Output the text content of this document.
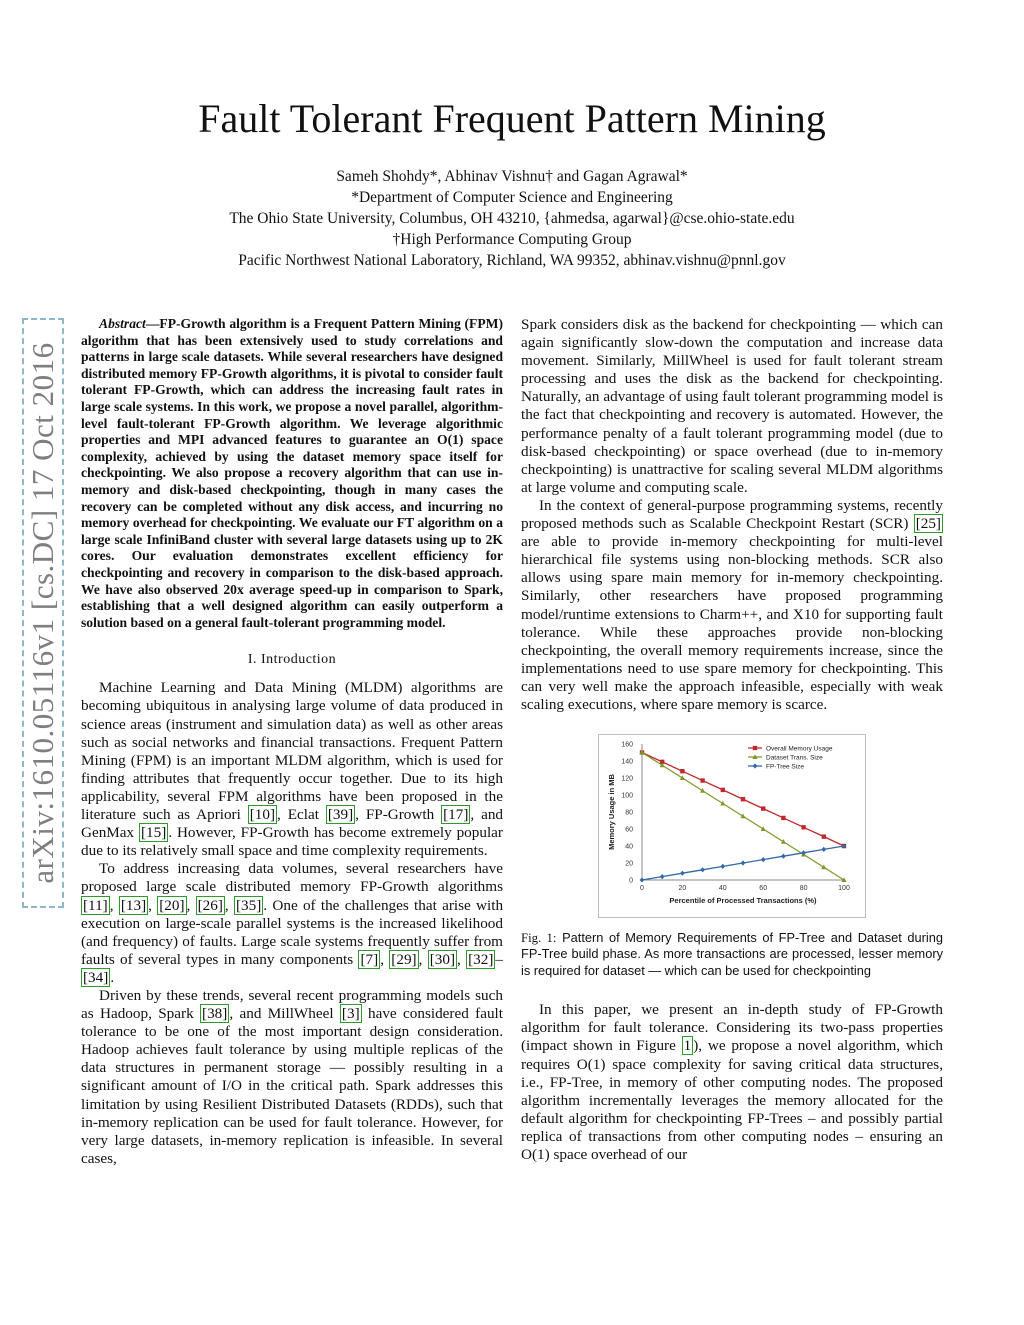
Fault Tolerant Frequent Pattern Mining
Sameh Shohdy*, Abhinav Vishnu† and Gagan Agrawal*
*Department of Computer Science and Engineering
The Ohio State University, Columbus, OH 43210, {ahmedsa, agarwal}@cse.ohio-state.edu
†High Performance Computing Group
Pacific Northwest National Laboratory, Richland, WA 99352, abhinav.vishnu@pnnl.gov
arXiv:1610.05116v1 [cs.DC] 17 Oct 2016
Abstract—FP-Growth algorithm is a Frequent Pattern Mining (FPM) algorithm that has been extensively used to study correlations and patterns in large scale datasets. While several researchers have designed distributed memory FP-Growth algorithms, it is pivotal to consider fault tolerant FP-Growth, which can address the increasing fault rates in large scale systems. In this work, we propose a novel parallel, algorithm-level fault-tolerant FP-Growth algorithm. We leverage algorithmic properties and MPI advanced features to guarantee an O(1) space complexity, achieved by using the dataset memory space itself for checkpointing. We also propose a recovery algorithm that can use in-memory and disk-based checkpointing, though in many cases the recovery can be completed without any disk access, and incurring no memory overhead for checkpointing. We evaluate our FT algorithm on a large scale InfiniBand cluster with several large datasets using up to 2K cores. Our evaluation demonstrates excellent efficiency for checkpointing and recovery in comparison to the disk-based approach. We have also observed 20x average speed-up in comparison to Spark, establishing that a well designed algorithm can easily outperform a solution based on a general fault-tolerant programming model.
I. Introduction

Machine Learning and Data Mining (MLDM) algorithms are becoming ubiquitous in analysing large volume of data produced in science areas (instrument and simulation data) as well as other areas such as social networks and financial transactions. Frequent Pattern Mining (FPM) is an important MLDM algorithm, which is used for finding attributes that frequently occur together. Due to its high applicability, several FPM algorithms have been proposed in the literature such as Apriori [10] , Eclat [39] , FP-Growth [17] , and GenMax [15] . However, FP-Growth has become extremely popular due to its relatively small space and time complexity requirements.

To address increasing data volumes, several researchers have proposed large scale distributed memory FP-Growth algorithms [11] , [13] , [20] , [26] , [35] . One of the challenges that arise with execution on large-scale parallel systems is the increased likelihood (and frequency) of faults. Large scale systems frequently suffer from faults of several types in many components [7] , [29] , [30] , [32] –[34] .

Driven by these trends, several recent programming models such as Hadoop, Spark [38] , and MillWheel [3] have considered fault tolerance to be one of the most important design consideration. Hadoop achieves fault tolerance by using multiple replicas of the data structures in permanent storage — possibly resulting in a significant amount of I/O in the critical path. Spark addresses this limitation by using Resilient Distributed Datasets (RDDs), such that in-memory replication can be used for fault tolerance. However, for very large datasets, in-memory replication is infeasible. In several cases,

Spark considers disk as the backend for checkpointing — which can again significantly slow-down the computation and increase data movement. Similarly, MillWheel is used for fault tolerant stream processing and uses the disk as the backend for checkpointing. Naturally, an advantage of using fault tolerant programming model is the fact that checkpointing and recovery is automated. However, the performance penalty of a fault tolerant programming model (due to disk-based checkpointing) or space overhead (due to in-memory checkpointing) is unattractive for scaling several MLDM algorithms at large volume and computing scale.

In the context of general-purpose programming systems, recently proposed methods such as Scalable Checkpoint Restart (SCR) [25] are able to provide in-memory checkpointing for multi-level hierarchical file systems using non-blocking methods. SCR also allows using spare main memory for in-memory checkpointing. Similarly, other researchers have proposed programming model/runtime extensions to Charm++, and X10 for supporting fault tolerance. While these approaches provide non-blocking checkpointing, the overall memory requirements increase, since the implementations need to use spare memory for checkpointing. This can very well make the approach infeasible, especially with weak scaling executions, where spare memory is scarce.

0
20
40
60
80
100
120
140
160
0	20	40	60	80	100
Percentile of Processed Transactions (%)
Memory Usage in MB
Overall Memory Usage
Dataset Trans. Size
FP-Tree Size
Fig. 1: Pattern of Memory Requirements of FP-Tree and Dataset during FP-Tree build phase. As more transactions are processed, lesser memory is required for dataset — which can be used for checkpointing

In this paper, we present an in-depth study of FP-Growth algorithm for fault tolerance. Considering its two-pass properties (impact shown in Figure 1 ), we propose a novel algorithm, which requires O(1) space complexity for saving critical data structures, i.e., FP-Tree, in memory of other computing nodes. The proposed algorithm incrementally leverages the memory allocated for the default algorithm for checkpointing FP-Trees – and possibly partial replica of transactions from other computing nodes – ensuring an O(1) space overhead of our
